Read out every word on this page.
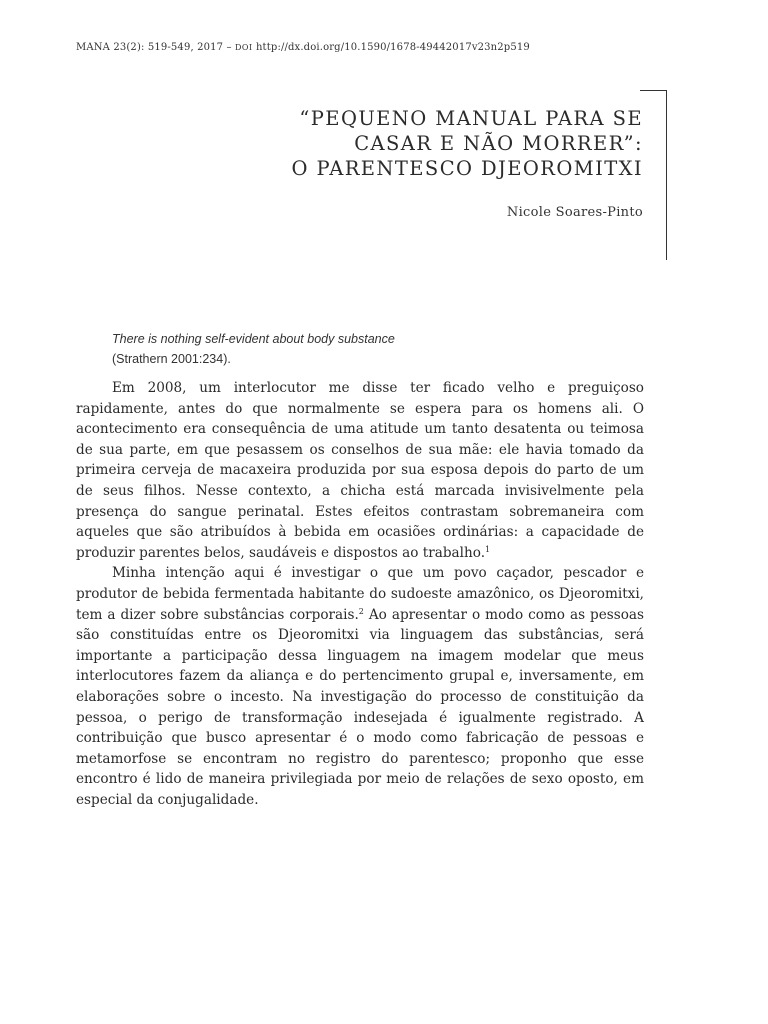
MANA 23(2): 519-549, 2017 – DOI http://dx.doi.org/10.1590/1678-49442017v23n2p519
“PEQUENO MANUAL PARA SE
CASAR E NÃO MORRER”:
O PARENTESCO DJEOROMITXI
Nicole Soares-Pinto
There is nothing self-evident about body substance
(Strathern 2001:234).

Em 2008, um interlocutor me disse ter ficado velho e preguiçoso rapidamente, antes do que normalmente se espera para os homens ali. O acontecimento era consequência de uma atitude um tanto desatenta ou teimosa de sua parte, em que pesassem os conselhos de sua mãe: ele havia tomado da primeira cerveja de macaxeira produzida por sua esposa depois do parto de um de seus filhos. Nesse contexto, a chicha está marcada invisivelmente pela presença do sangue perinatal. Estes efeitos contrastam sobremaneira com aqueles que são atribuídos à bebida em ocasiões ordinárias: a capacidade de produzir parentes belos, saudáveis e dispostos ao trabalho.$^1$

Minha intenção aqui é investigar o que um povo caçador, pescador e produtor de bebida fermentada habitante do sudoeste amazônico, os Djeoromitxi, tem a dizer sobre substâncias corporais.$^2$ Ao apresentar o modo como as pessoas são constituídas entre os Djeoromitxi via linguagem das substâncias, será importante a participação dessa linguagem na imagem modelar que meus interlocutores fazem da aliança e do pertencimento grupal e, inversamente, em elaborações sobre o incesto. Na investigação do processo de constituição da pessoa, o perigo de transformação indesejada é igualmente registrado. A contribuição que busco apresentar é o modo como fabricação de pessoas e metamorfose se encontram no registro do parentesco; proponho que esse encontro é lido de maneira privilegiada por meio de relações de sexo oposto, em especial da conjugalidade.
